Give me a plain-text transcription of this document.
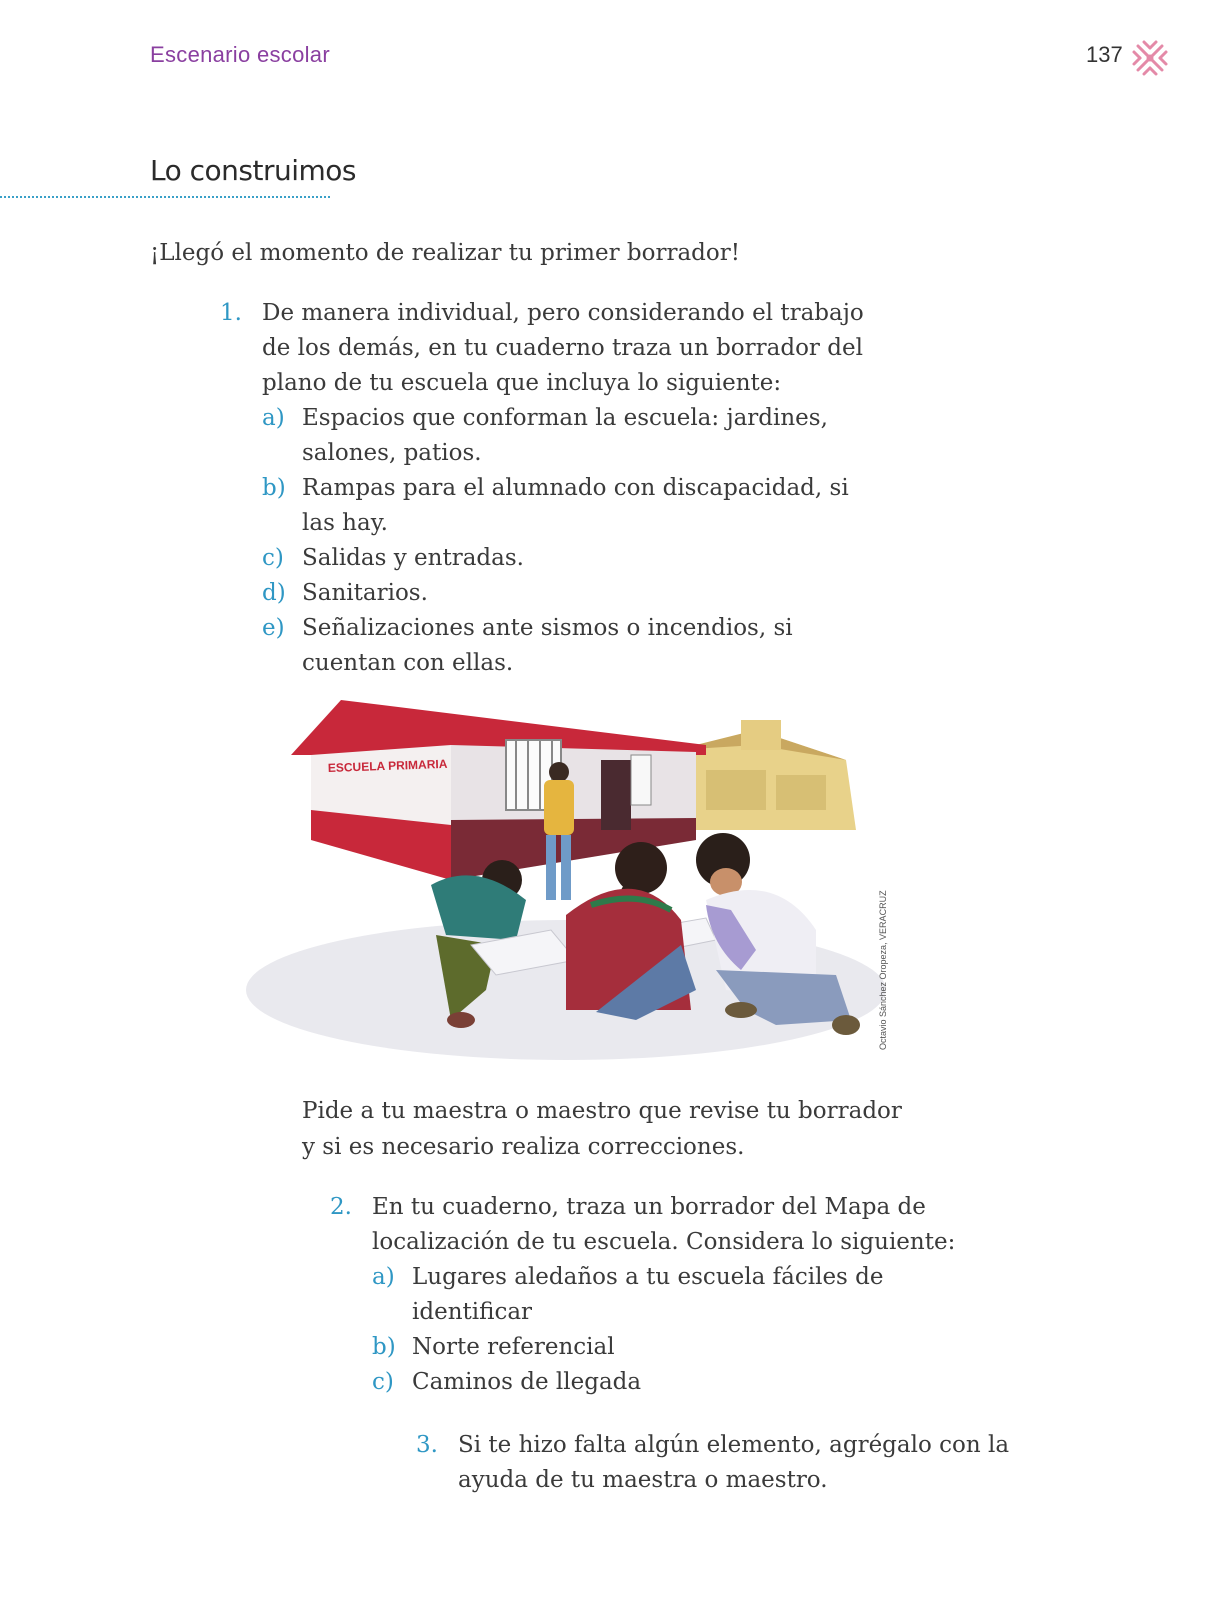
Escenario escolar	137
Lo construimos
¡Llegó el momento de realizar tu primer borrador!
1. De manera individual, pero considerando el trabajo
de los demás, en tu cuaderno traza un borrador del
plano de tu escuela que incluya lo siguiente:
a) Espacios que conforman la escuela: jardines,
salones, patios.
b) Rampas para el alumnado con discapacidad, si
las hay.
c) Salidas y entradas.
d) Sanitarios.
e) Señalizaciones ante sismos o incendios, si
cuentan con ellas.
ESCUELA PRIMARIA
Octavio Sánchez Oropeza, VERACRUZ
Pide a tu maestra o maestro que revise tu borrador
y si es necesario realiza correcciones.
2. En tu cuaderno, traza un borrador del Mapa de
localización de tu escuela. Considera lo siguiente:
a) Lugares aledaños a tu escuela fáciles de
identificar
b) Norte referencial
c) Caminos de llegada
3. Si te hizo falta algún elemento, agrégalo con la
ayuda de tu maestra o maestro.
